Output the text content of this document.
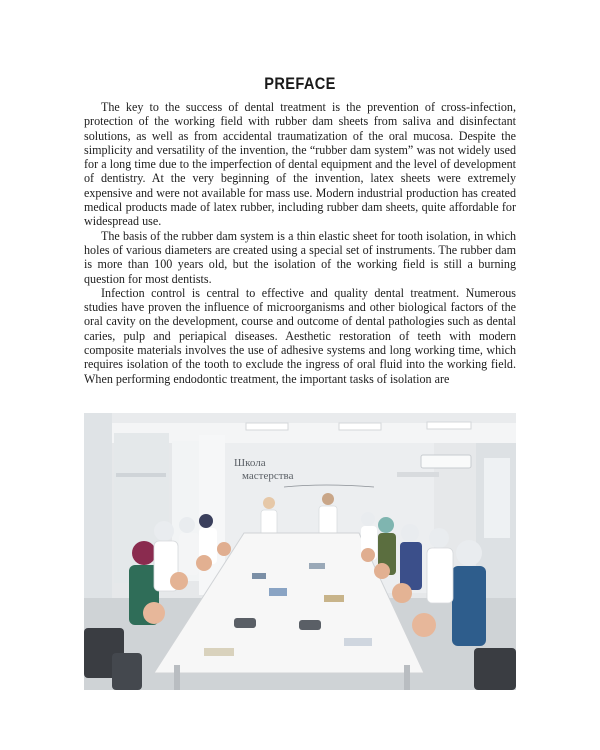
PREFACE

The key to the success of dental treatment is the prevention of cross-infection, protection of the working field with rubber dam sheets from saliva and disinfectant solutions, as well as from accidental traumatization of the oral mucosa. Despite the simplicity and versatility of the invention, the “rubber dam system” was not widely used for a long time due to the imperfection of dental equipment and the level of development of dentistry. At the very beginning of the invention, latex sheets were extremely expensive and were not available for mass use. Modern industrial production has created medical products made of latex rubber, including rubber dam sheets, quite affordable for widespread use.

The basis of the rubber dam system is a thin elastic sheet for tooth isolation, in which holes of various diameters are created using a special set of instruments. The rubber dam is more than 100 years old, but the isolation of the working field is still a burning question for most dentists.

Infection control is central to effective and quality dental treatment. Numerous studies have proven the influence of microorganisms and other biological factors of the oral cavity on the development, course and outcome of dental pathologies such as dental caries, pulp and periapical diseases. Aesthetic restoration of teeth with modern composite materials involves the use of adhesive systems and long working time, which requires isolation of the tooth to exclude the ingress of oral fluid into the working field. When performing endodontic treatment, the important tasks of isolation are

Школа
мастерства
